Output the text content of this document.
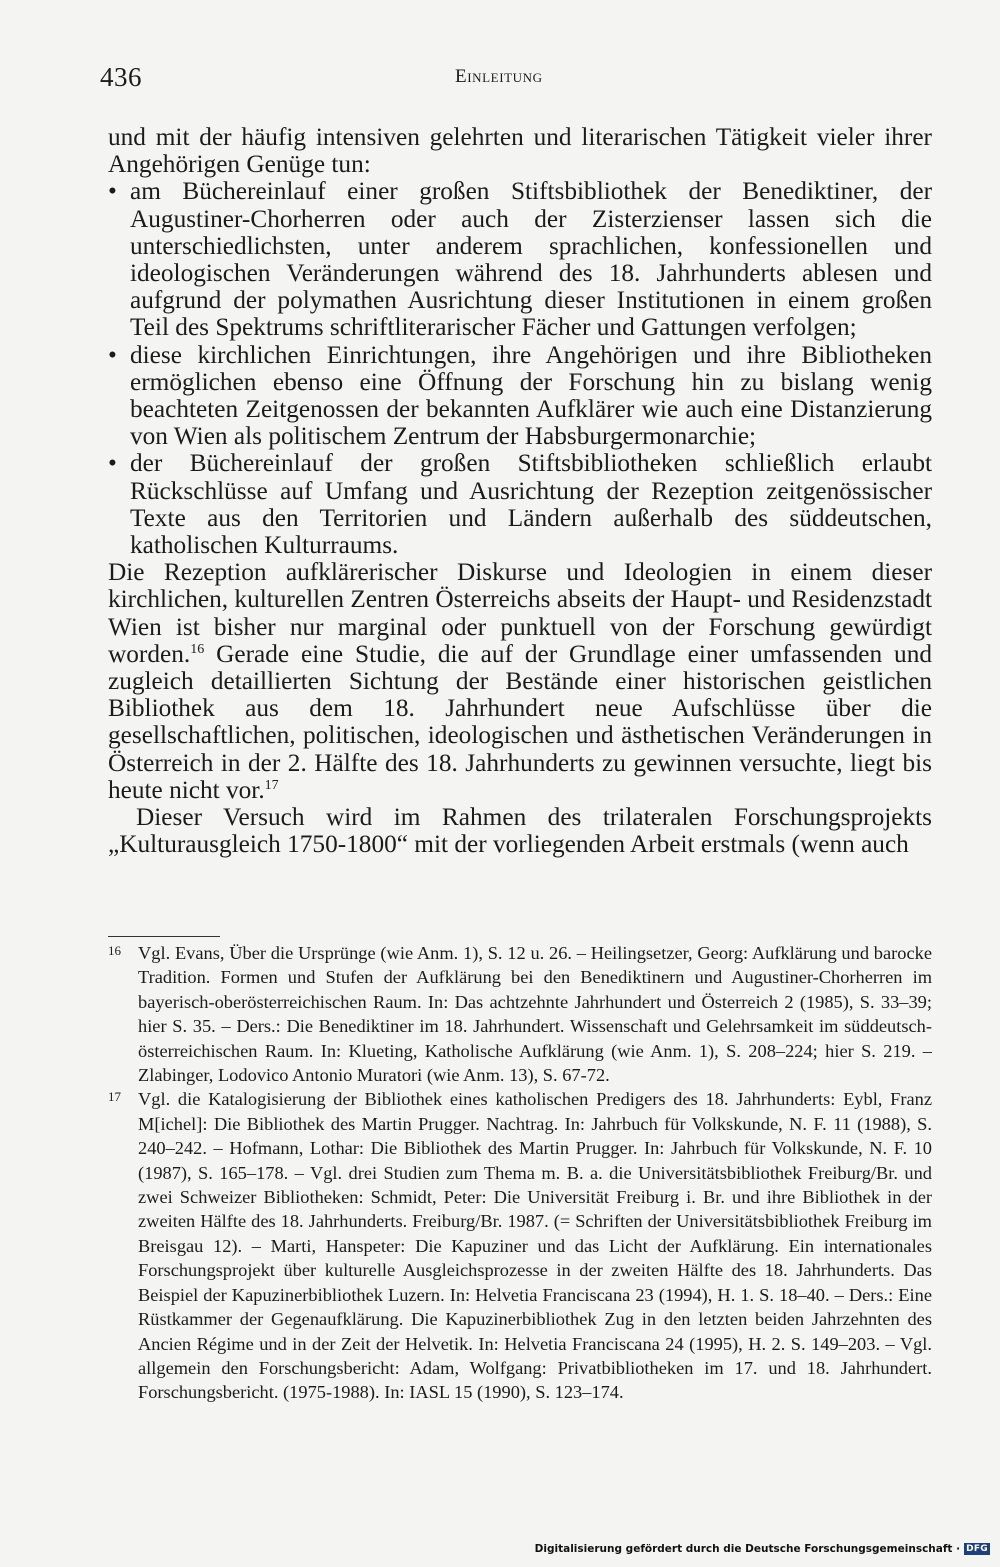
436	Einleitung

und mit der häufig intensiven gelehrten und literarischen Tätigkeit vieler ihrer Angehörigen Genüge tun:

• am Büchereinlauf einer großen Stiftsbibliothek der Benediktiner, der Augustiner-Chorherren oder auch der Zisterzienser lassen sich die unterschiedlichsten, unter anderem sprachlichen, konfessionellen und ideologischen Veränderungen während des 18. Jahrhunderts ablesen und aufgrund der polymathen Ausrichtung dieser Institutionen in einem großen Teil des Spektrums schriftliterarischer Fächer und Gattungen verfolgen;
• diese kirchlichen Einrichtungen, ihre Angehörigen und ihre Bibliotheken ermöglichen ebenso eine Öffnung der Forschung hin zu bislang wenig beachteten Zeitgenossen der bekannten Aufklärer wie auch eine Distanzierung von Wien als politischem Zentrum der Habsburgermonarchie;
• der Büchereinlauf der großen Stiftsbibliotheken schließlich erlaubt Rückschlüsse auf Umfang und Ausrichtung der Rezeption zeitgenössischer Texte aus den Territorien und Ländern außerhalb des süddeutschen, katholischen Kulturraums.

Die Rezeption aufklärerischer Diskurse und Ideologien in einem dieser kirchlichen, kulturellen Zentren Österreichs abseits der Haupt- und Residenzstadt Wien ist bisher nur marginal oder punktuell von der Forschung gewürdigt worden.$^{16}$ Gerade eine Studie, die auf der Grundlage einer umfassenden und zugleich detaillierten Sichtung der Bestände einer historischen geistlichen Bibliothek aus dem 18. Jahrhundert neue Aufschlüsse über die gesellschaftlichen, politischen, ideologischen und ästhetischen Veränderungen in Österreich in der 2. Hälfte des 18. Jahrhunderts zu gewinnen versuchte, liegt bis heute nicht vor.$^{17}$

Dieser Versuch wird im Rahmen des trilateralen Forschungsprojekts „Kulturausgleich 1750-1800“ mit der vorliegenden Arbeit erstmals (wenn auch

16 Vgl. Evans, Über die Ursprünge (wie Anm. 1), S. 12 u. 26. – Heilingsetzer, Georg: Aufklärung und barocke Tradition. Formen und Stufen der Aufklärung bei den Benediktinern und Augustiner-Chorherren im bayerisch-oberösterreichischen Raum. In: Das achtzehnte Jahrhundert und Österreich 2 (1985), S. 33–39; hier S. 35. – Ders.: Die Benediktiner im 18. Jahrhundert. Wissenschaft und Gelehrsamkeit im süddeutsch-österreichischen Raum. In: Klueting, Katholische Aufklärung (wie Anm. 1), S. 208–224; hier S. 219. – Zlabinger, Lodovico Antonio Muratori (wie Anm. 13), S. 67-72.

17 Vgl. die Katalogisierung der Bibliothek eines katholischen Predigers des 18. Jahrhunderts: Eybl, Franz M[ichel]: Die Bibliothek des Martin Prugger. Nachtrag. In: Jahrbuch für Volkskunde, N. F. 11 (1988), S. 240–242. – Hofmann, Lothar: Die Bibliothek des Martin Prugger. In: Jahrbuch für Volkskunde, N. F. 10 (1987), S. 165–178. – Vgl. drei Studien zum Thema m. B. a. die Universitätsbibliothek Freiburg/Br. und zwei Schweizer Bibliotheken: Schmidt, Peter: Die Universität Freiburg i. Br. und ihre Bibliothek in der zweiten Hälfte des 18. Jahrhunderts. Freiburg/Br. 1987. (= Schriften der Universitätsbibliothek Freiburg im Breisgau 12). – Marti, Hanspeter: Die Kapuziner und das Licht der Aufklärung. Ein internationales Forschungsprojekt über kulturelle Ausgleichsprozesse in der zweiten Hälfte des 18. Jahrhunderts. Das Beispiel der Kapuzinerbibliothek Luzern. In: Helvetia Franciscana 23 (1994), H. 1. S. 18–40. – Ders.: Eine Rüstkammer der Gegenaufklärung. Die Kapuzinerbibliothek Zug in den letzten beiden Jahrzehnten des Ancien Régime und in der Zeit der Helvetik. In: Helvetia Franciscana 24 (1995), H. 2. S. 149–203. – Vgl. allgemein den Forschungsbericht: Adam, Wolfgang: Privatbibliotheken im 17. und 18. Jahrhundert. Forschungsbericht. (1975-1988). In: IASL 15 (1990), S. 123–174.

Digitalisierung gefördert durch die Deutsche Forschungsgemeinschaft · DFG
